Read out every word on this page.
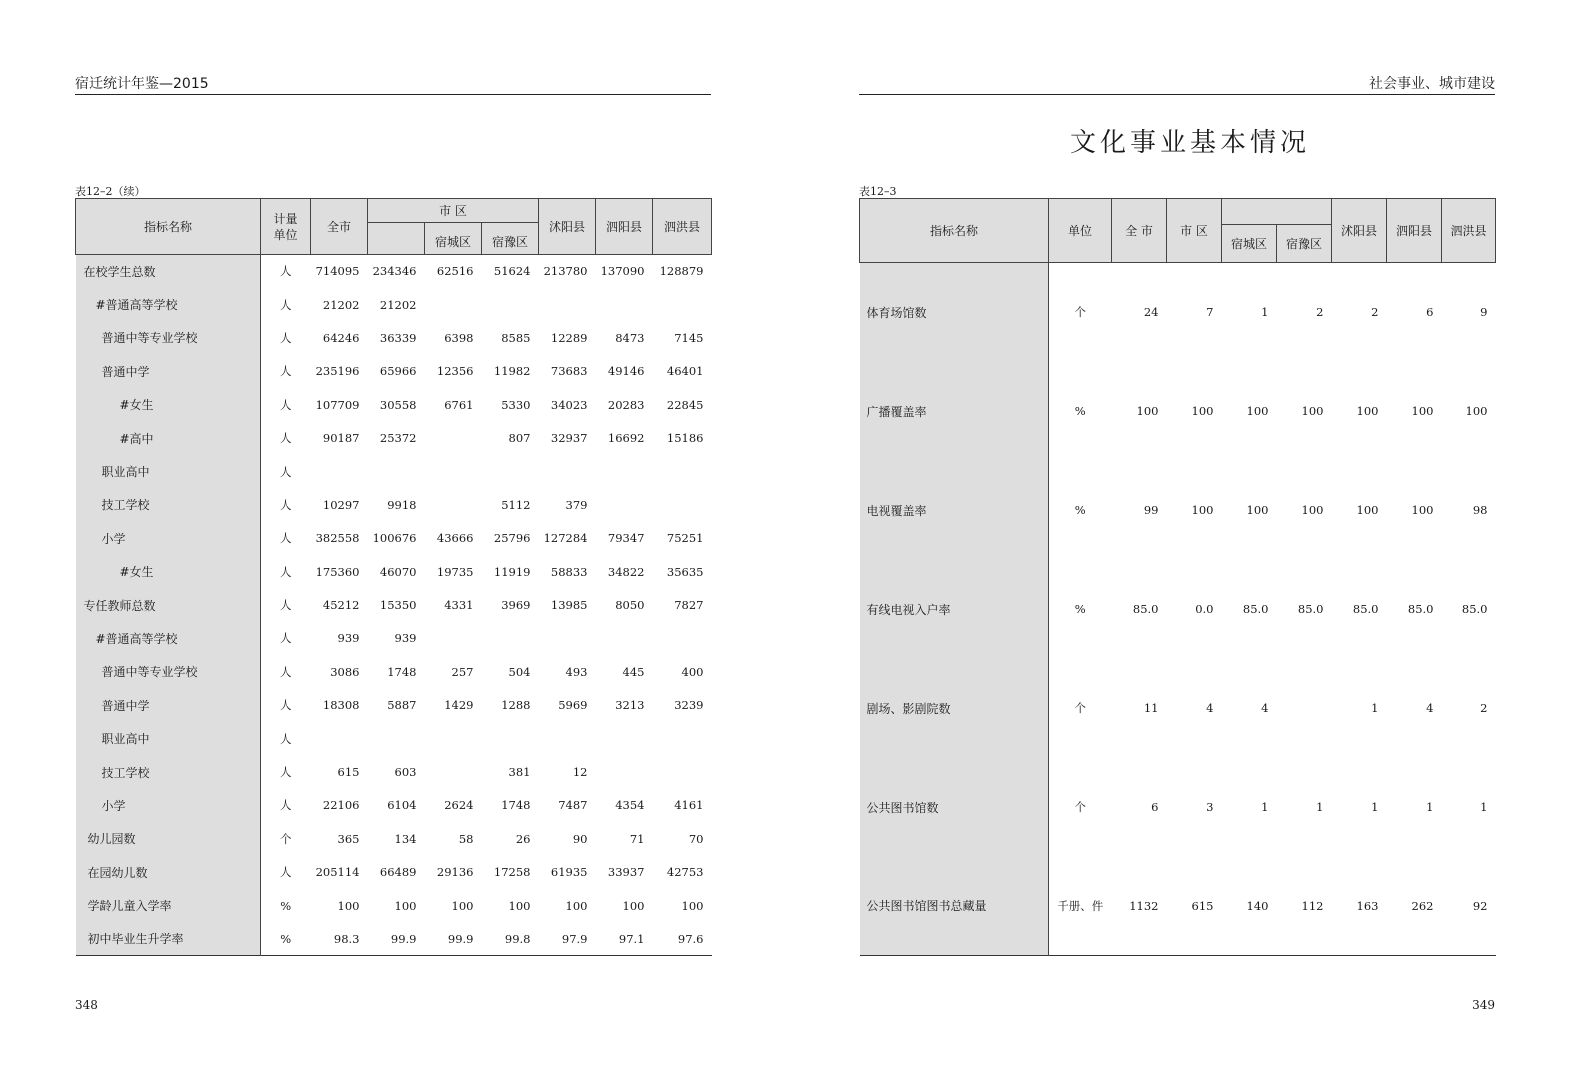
宿迁统计年鉴—2015
表12–2（续）
指标名称	计量单位	全市	市 区			沭阳县	泗阳县	泗洪县
				宿城区	宿豫区			
在校学生总数	人	714095	234346	62516	51624	213780	137090	128879
#普通高等学校	人	21202	21202					
普通中等专业学校	人	64246	36339	6398	8585	12289	8473	7145
普通中学	人	235196	65966	12356	11982	73683	49146	46401
#女生	人	107709	30558	6761	5330	34023	20283	22845
#高中	人	90187	25372		807	32937	16692	15186
职业高中	人							
技工学校	人	10297	9918		5112	379		
小学	人	382558	100676	43666	25796	127284	79347	75251
#女生	人	175360	46070	19735	11919	58833	34822	35635
专任教师总数	人	45212	15350	4331	3969	13985	8050	7827
#普通高等学校	人	939	939					
普通中等专业学校	人	3086	1748	257	504	493	445	400
普通中学	人	18308	5887	1429	1288	5969	3213	3239
职业高中	人							
技工学校	人	615	603		381	12		
小学	人	22106	6104	2624	1748	7487	4354	4161
幼儿园数	个	365	134	58	26	90	71	70
在园幼儿数	人	205114	66489	29136	17258	61935	33937	42753
学龄儿童入学率	%	100	100	100	100	100	100	100
初中毕业生升学率	%	98.3	99.9	99.9	99.8	97.9	97.1	97.6
348
社会事业、城市建设
文化事业基本情况
表12–3
指标名称	单位	全 市	市 区			沭阳县	泗阳县	泗洪县
				宿城区	宿豫区			
体育场馆数	个	24	7	1	2	2	6	9
广播覆盖率	%	100	100	100	100	100	100	100
电视覆盖率	%	99	100	100	100	100	100	98
有线电视入户率	%	85.0	0.0	85.0	85.0	85.0	85.0	85.0
剧场、影剧院数	个	11	4	4		1	4	2
公共图书馆数	个	6	3	1	1	1	1	1
公共图书馆图书总藏量	千册、件	1132	615	140	112	163	262	92
349
